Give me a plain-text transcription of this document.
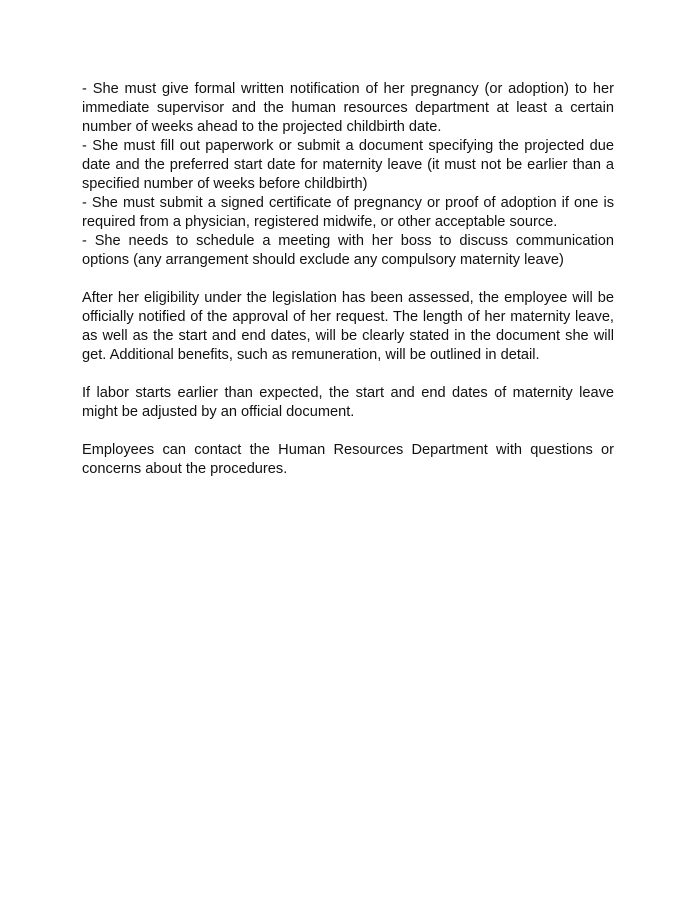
- She must give formal written notification of her pregnancy (or adoption) to her immediate supervisor and the human resources department at least a certain number of weeks ahead to the projected childbirth date.

- She must fill out paperwork or submit a document specifying the projected due date and the preferred start date for maternity leave (it must not be earlier than a specified number of weeks before childbirth)

- She must submit a signed certificate of pregnancy or proof of adoption if one is required from a physician, registered midwife, or other acceptable source.

- She needs to schedule a meeting with her boss to discuss communication options (any arrangement should exclude any compulsory maternity leave)

After her eligibility under the legislation has been assessed, the employee will be officially notified of the approval of her request. The length of her maternity leave, as well as the start and end dates, will be clearly stated in the document she will get. Additional benefits, such as remuneration, will be outlined in detail.

If labor starts earlier than expected, the start and end dates of maternity leave might be adjusted by an official document.

Employees can contact the Human Resources Department with questions or concerns about the procedures.
